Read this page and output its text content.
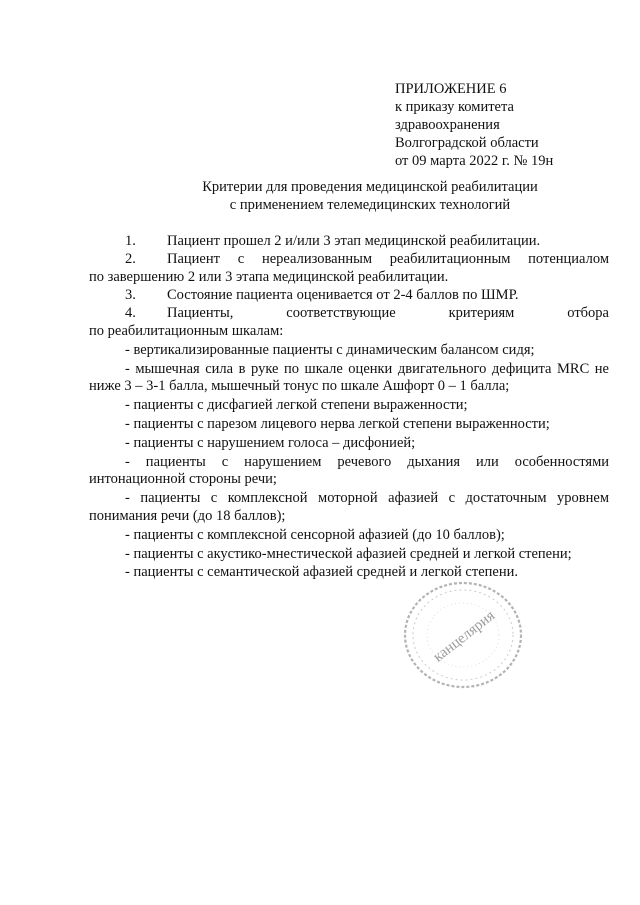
ПРИЛОЖЕНИЕ 6
к приказу комитета
здравоохранения
Волгоградской области
от 09 марта 2022 г. № 19н
Критерии для проведения медицинской реабилитации
с применением телемедицинских технологий
1.	Пациент прошел 2 и/или 3 этап медицинской реабилитации.
2.	Пациент с нереализованным реабилитационным потенциалом
по завершению 2 или 3 этапа медицинской реабилитации.
3.	Состояние пациента оценивается от 2-4 баллов по ШМР.
4.	Пациенты, соответствующие критериям отбора
по реабилитационным шкалам:
- вертикализированные пациенты с динамическим балансом сидя;
- мышечная сила в руке по шкале оценки двигательного дефицита MRC не ниже 3 – 3-1 балла, мышечный тонус по шкале Ашфорт 0 – 1 балла;
- пациенты с дисфагией легкой степени выраженности;
- пациенты с парезом лицевого нерва легкой степени выраженности;
- пациенты с нарушением голоса – дисфонией;
- пациенты с нарушением речевого дыхания или особенностями интонационной стороны речи;
- пациенты с комплексной моторной афазией с достаточным уровнем понимания речи (до 18 баллов);
- пациенты с комплексной сенсорной афазией (до 10 баллов);
- пациенты с акустико-мнестической афазией средней и легкой степени;
- пациенты с семантической афазией средней и легкой степени.
канцелярия
